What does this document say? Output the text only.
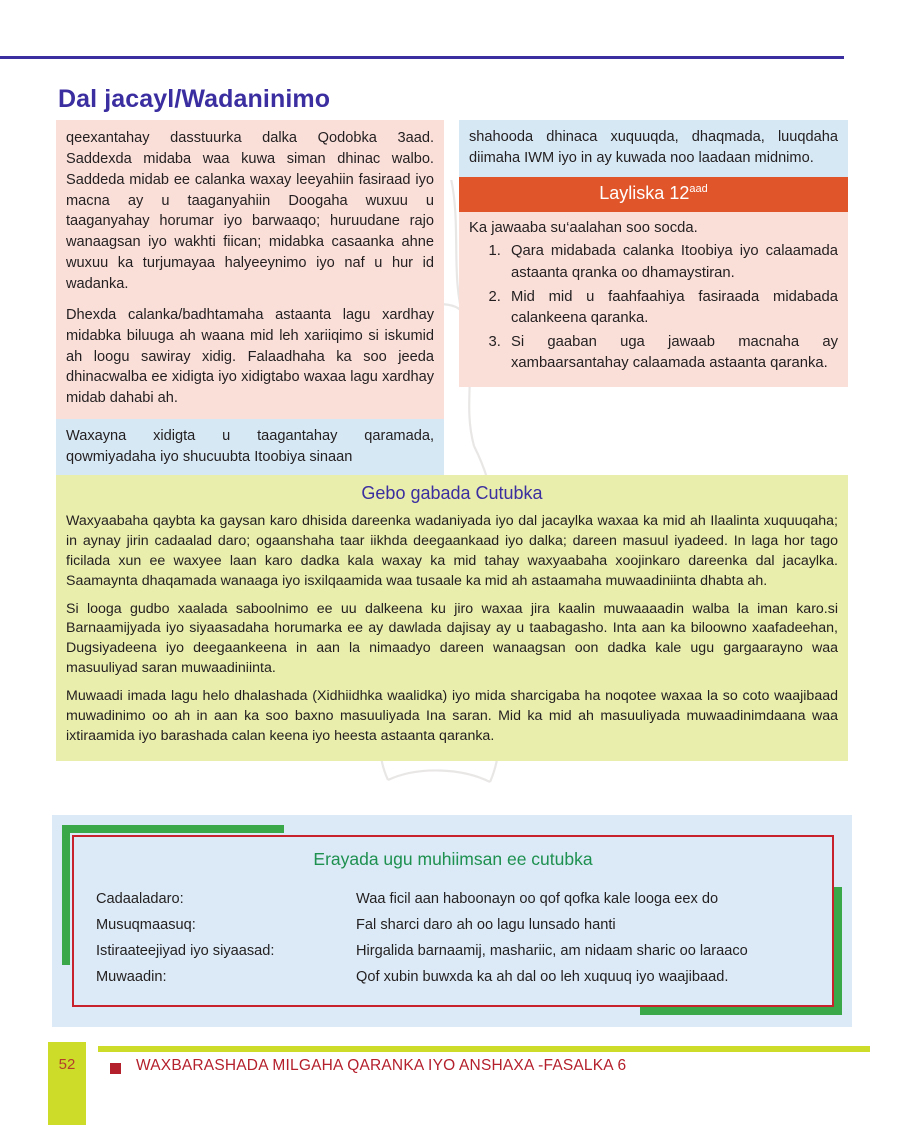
Dal jacayl/Wadaninimo

qeexantahay dasstuurka dalka Qodobka 3aad. Saddexda midaba waa kuwa siman dhinac walbo. Saddeda midab ee calanka waxay leeyahiin fasiraad iyo macna ay u taaganyahiin Doogaha wuxuu u taaganyahay horumar iyo barwaaqo; huruudane rajo wanaagsan iyo wakhti fiican; midabka casaanka ahne wuxuu ka turjumayaa halyeeynimo iyo naf u hur id wadanka.

Dhexda calanka/badhtamaha astaanta lagu xardhay midabka biluuga ah waana mid leh xariiqimo si iskumid ah loogu sawiray xidig. Falaadhaha ka soo jeeda dhinacwalba ee xidigta iyo xidigtabo waxaa lagu xardhay midab dahabi ah.

Waxayna xidigta u taagantahay qaramada, qowmiyadaha iyo shucuubta Itoobiya sinaan

shahooda dhinaca xuquuqda, dhaqmada, luuqdaha diimaha IWM iyo in ay kuwada noo laadaan midnimo.

Layliska $12^{aad}$

Ka jawaaba su‘aalahan soo socda.

1. Qara midabada calanka Itoobiya iyo calaamada astaanta qranka oo dhamaystiran.
2. Mid mid u faahfaahiya fasiraada midabada calankeena qaranka.
3. Si gaaban uga jawaab macnaha ay xambaarsantahay calaamada astaanta qaranka.
Gebo gabada Cutubka

Waxyaabaha qaybta ka gaysan karo dhisida dareenka wadaniyada iyo dal jacaylka waxaa ka mid ah Ilaalinta xuquuqaha; in aynay jirin cadaalad daro; ogaanshaha taar iikhda deegaankaad iyo dalka; dareen masuul iyadeed. In laga hor tago ficilada xun ee waxyee laan karo dadka kala waxay ka mid tahay waxyaabaha xoojinkaro dareenka dal jacaylka. Saamaynta dhaqamada wanaaga iyo isxilqaamida waa tusaale ka mid ah astaamaha muwaadiniinta dhabta ah.

Si looga gudbo xaalada saboolnimo ee uu dalkeena ku jiro waxaa jira kaalin muwaaaadin walba la iman karo.si Barnaamijyada iyo siyaasadaha horumarka ee ay dawlada dajisay ay u taabagasho. Inta aan ka biloowno xaafadeehan, Dugsiyadeena iyo deegaankeena in aan la nimaadyo dareen wanaagsan oon dadka kale ugu gargaarayno waa masuuliyad saran muwaadiniinta.

Muwaadi imada lagu helo dhalashada (Xidhiidhka waalidka) iyo mida sharcigaba ha noqotee waxaa la so coto waajibaad muwadinimo oo ah in aan ka soo baxno masuuliyada Ina saran. Mid ka mid ah masuuliyada muwaadinimdaana waa ixtiraamida iyo barashada calan keena iyo heesta astaanta qaranka.

Erayada ugu muhiimsan ee cutubka
Cadaaladaro:	Waa ficil aan haboonayn oo qof qofka kale looga eex do
Musuqmaasuq:	Fal sharci daro ah oo lagu lunsado hanti
Istiraateejiyad iyo siyaasad:	Hirgalida barnaamij, mashariic, am nidaam sharic oo laraaco
Muwaadin:	Qof xubin buwxda ka ah dal oo leh xuquuq iyo waajibaad.
52	WAXBARASHADA MILGAHA QARANKA IYO ANSHAXA -FASALKA 6
